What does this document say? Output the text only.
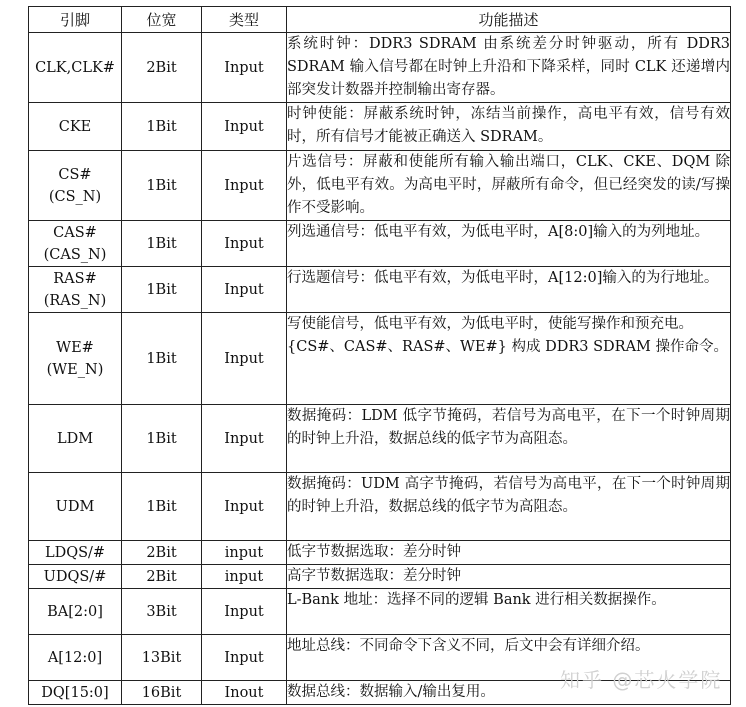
引脚	位宽	类型	功能描述

CLK,CLK#	2Bit	Input	系统时钟：DDR3 SDRAM 由系统差分时钟驱动，所有 DDR3 SDRAM 输入信号都在时钟上升沿和下降采样，同时 CLK 还递增内部突发计数器并控制输出寄存器。

CKE	1Bit	Input	时钟使能：屏蔽系统时钟，冻结当前操作，高电平有效，信号有效时，所有信号才能被正确送入 SDRAM。

CS#
(CS_N)	1Bit	Input	片选信号：屏蔽和使能所有输入输出端口，CLK、CKE、DQM 除外，低电平有效。为高电平时，屏蔽所有命令，但已经突发的读/写操作不受影响。

CAS#
(CAS_N)	1Bit	Input	列选通信号：低电平有效，为低电平时，A[8:0]输入的为列地址。

RAS#
(RAS_N)	1Bit	Input	行选题信号：低电平有效，为低电平时，A[12:0]输入的为行地址。

WE#
(WE_N)	1Bit	Input	写使能信号，低电平有效，为低电平时，使能写操作和预充电。
{CS#、CAS#、RAS#、WE#} 构成 DDR3 SDRAM 操作命令。

LDM	1Bit	Input	数据掩码：LDM 低字节掩码，若信号为高电平，在下一个时钟周期的时钟上升沿，数据总线的低字节为高阻态。

UDM	1Bit	Input	数据掩码：UDM 高字节掩码，若信号为高电平，在下一个时钟周期的时钟上升沿，数据总线的低字节为高阻态。

LDQS/#	2Bit	input	低字节数据选取：差分时钟

UDQS/#	2Bit	input	高字节数据选取：差分时钟

BA[2:0]	3Bit	Input	L-Bank 地址：选择不同的逻辑 Bank 进行相关数据操作。

A[12:0]	13Bit	Input	地址总线：不同命令下含义不同，后文中会有详细介绍。

DQ[15:0]	16Bit	Inout	数据总线：数据输入/输出复用。	知乎 @芯火学院
